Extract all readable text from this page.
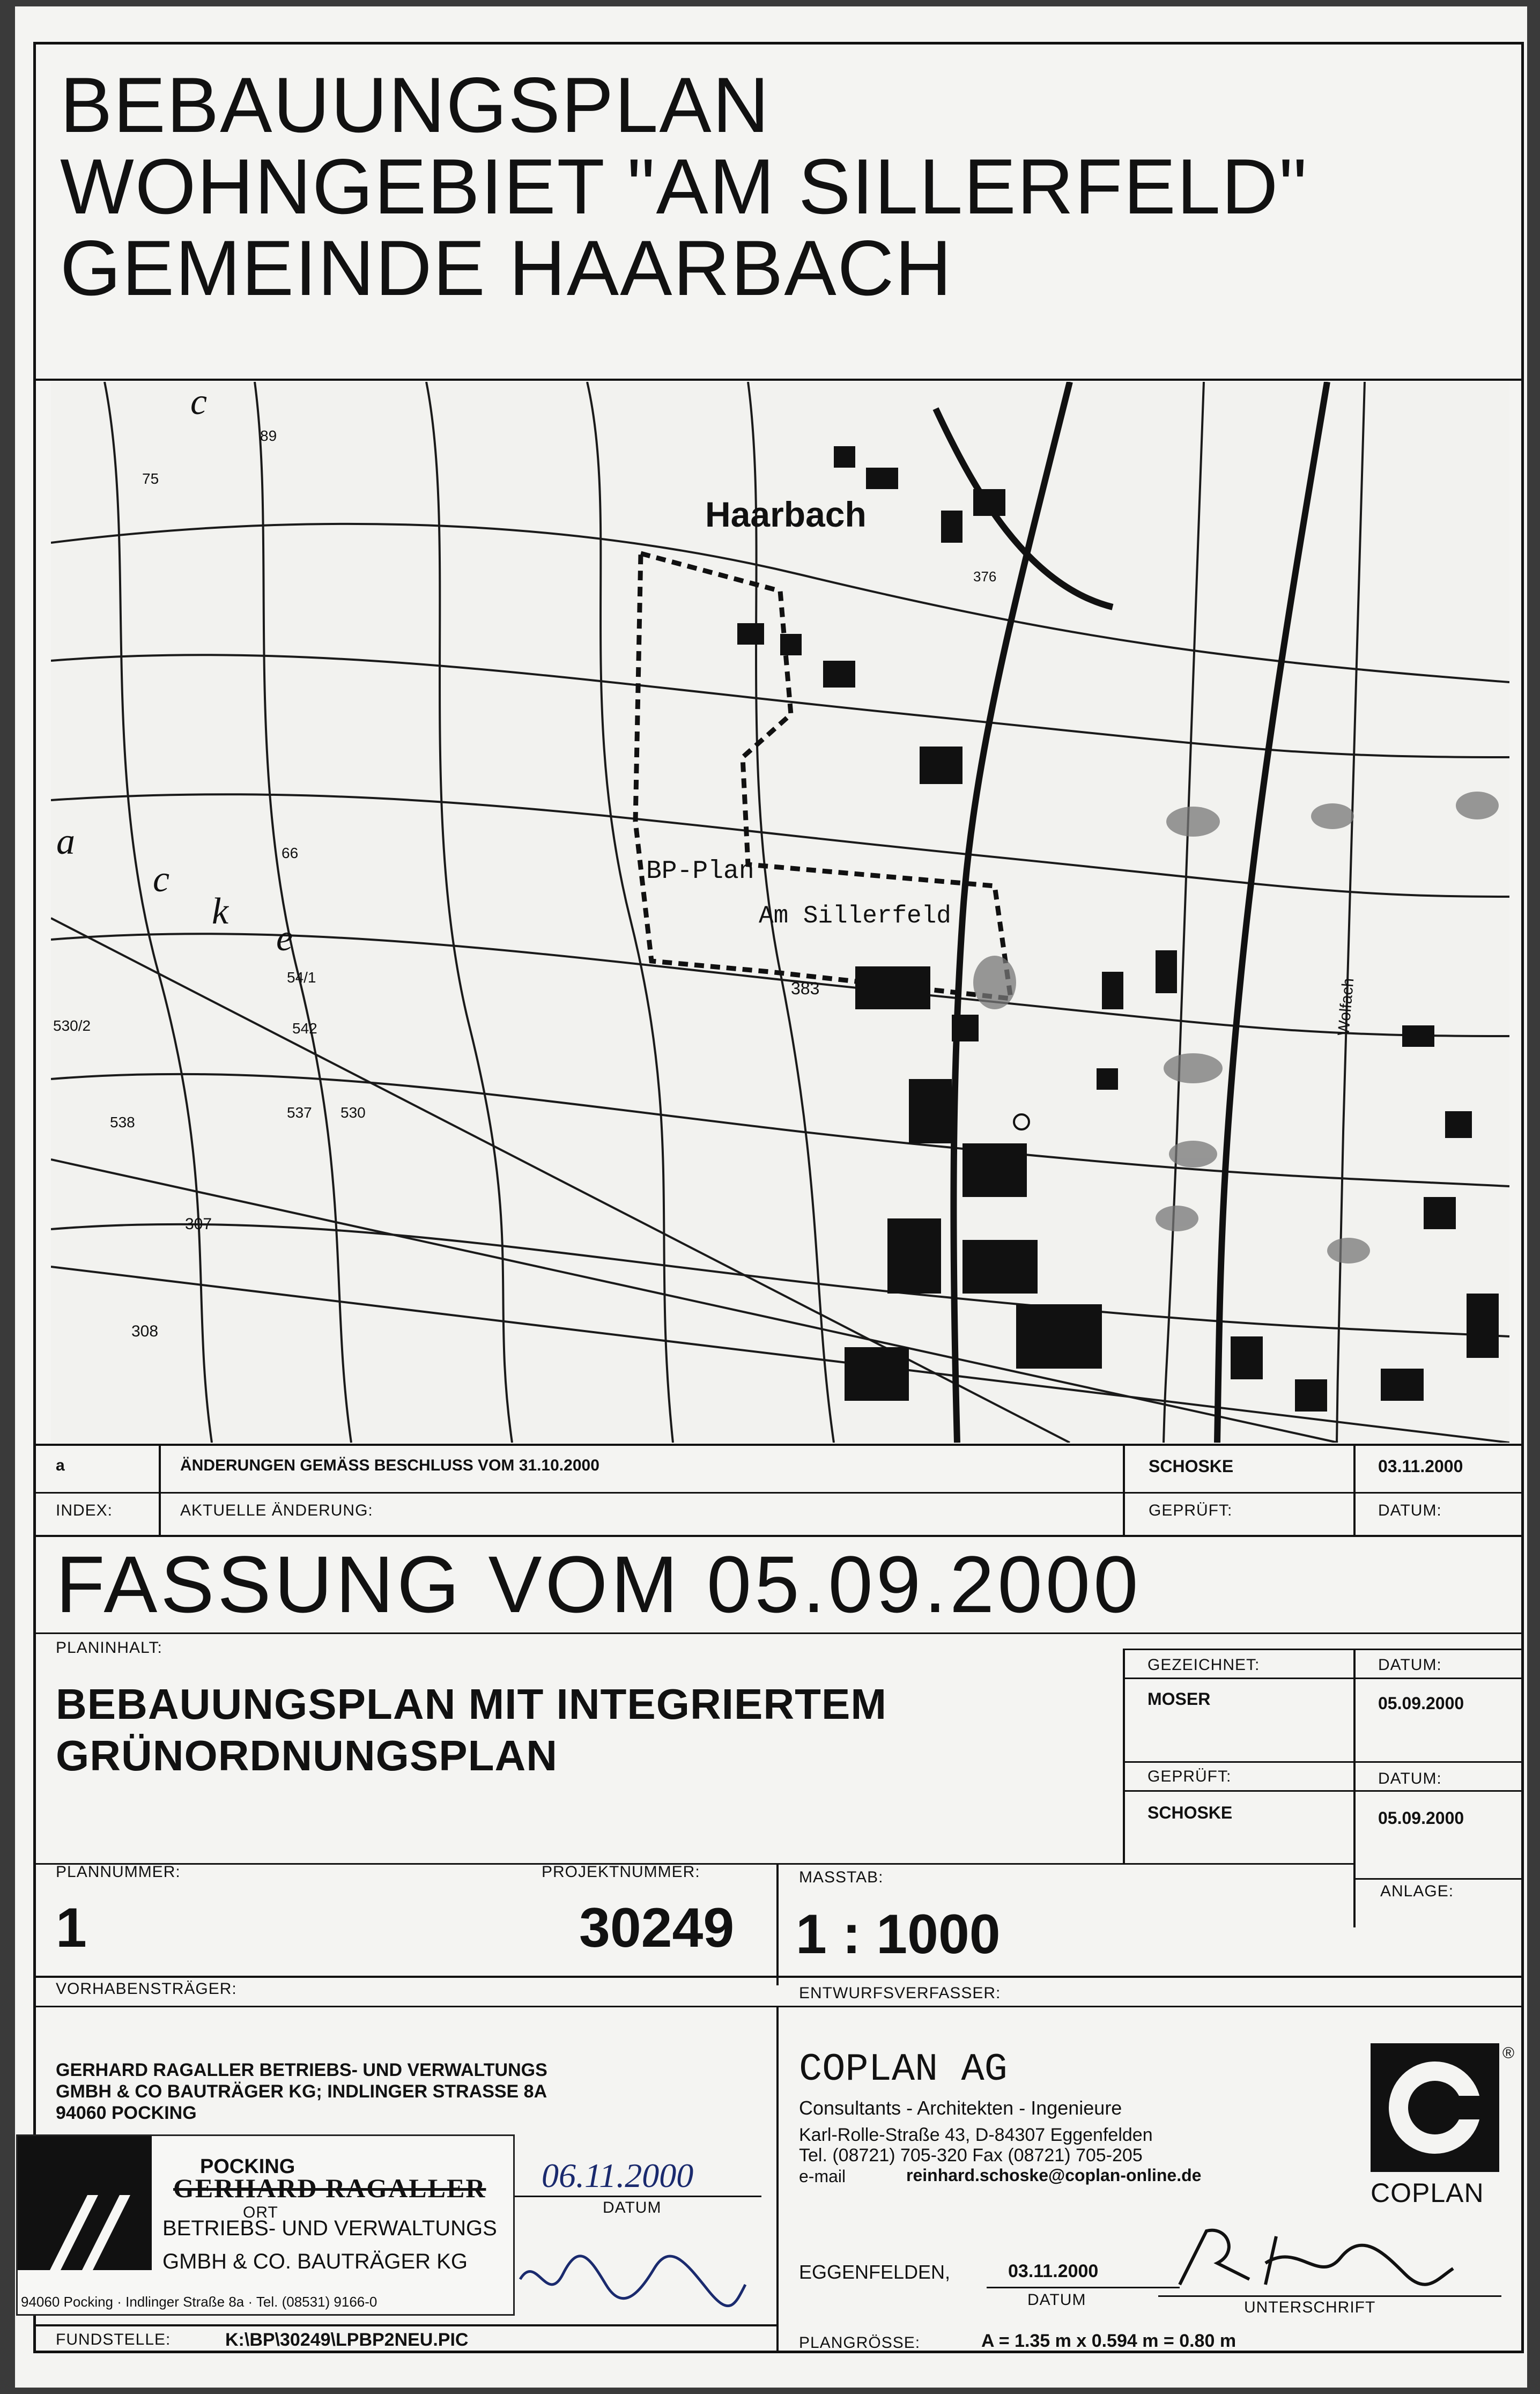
BEBAUUNGSPLAN
WOHNGEBIET "AM SILLERFELD"
GEMEINDE HAARBACH
Haarbach
BP-Plan
Am Sillerfeld
383
376
Wolfach
307
308
537 530
538
530/2	542
54/1
66
75
89
a
c
k
e
c
a	ÄNDERUNGEN GEMÄSS BESCHLUSS VOM 31.10.2000	SCHOSKE	03.11.2000
INDEX:	AKTUELLE ÄNDERUNG:	GEPRÜFT:	DATUM:
FASSUNG VOM 05.09.2000
PLANINHALT:
BEBAUUNGSPLAN MIT INTEGRIERTEM
GRÜNORDNUNGSPLAN
GEZEICHNET:	DATUM:
MOSER	05.09.2000
GEPRÜFT:	DATUM:
SCHOSKE	05.09.2000
PLANNUMMER:
1
PROJEKTNUMMER:
30249
MASSTAB:
1 : 1000
ANLAGE:
VORHABENSTRÄGER:	ENTWURFSVERFASSER:
GERHARD RAGALLER BETRIEBS- UND VERWALTUNGS
GMBH & CO BAUTRÄGER KG; INDLINGER STRASSE 8A
94060 POCKING
POCKING
GERHARD RAGALLER
ORT
BETRIEBS- UND VERWALTUNGS
GMBH & CO. BAUTRÄGER KG
94060 Pocking · Indlinger Straße 8a · Tel. (08531) 9166-0
06.11.2000
DATUM
COPLAN AG
Consultants - Architekten - Ingenieure
Karl-Rolle-Straße 43, D-84307 Eggenfelden
Tel. (08721) 705-320 Fax (08721) 705-205
e-mail	reinhard.schoske@coplan-online.de
®
COPLAN
EGGENFELDEN,	03.11.2000
DATUM	UNTERSCHRIFT
FUNDSTELLE:	K:\BP\30249\LPBP2NEU.PIC	PLANGRÖSSE:	A = 1.35 m x 0.594 m = 0.80 m
